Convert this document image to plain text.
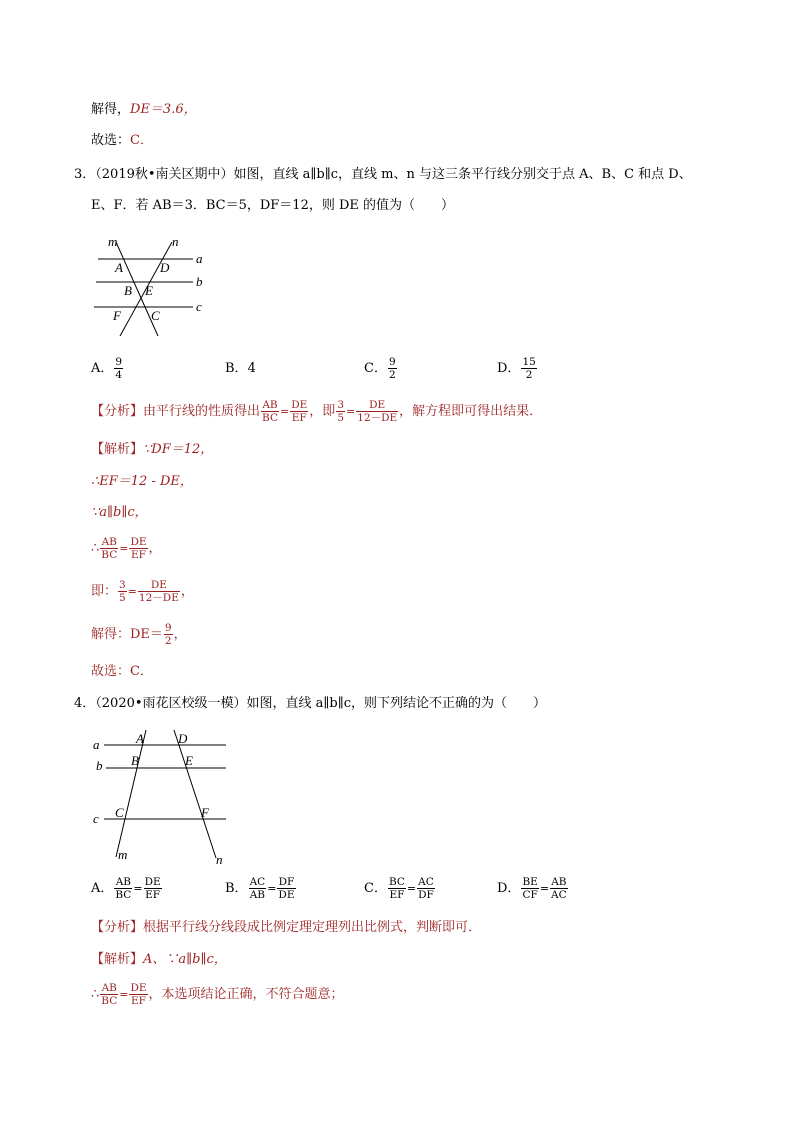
解得，DE＝3.6，
故选：C．
3．（2019秋•南关区期中）如图，直线 a∥b∥c，直线 m、n 与这三条平行线分别交于点 A、B、C 和点 D、
E、F．若 AB＝3．BC＝5，DF＝12，则 DE 的值为（　　）
m	n
a
A	D
b
B E
c
F C
A． $\frac{9}{4}$	B．4	C． $\frac{9}{2}$	D． $\frac{15}{2}$
【分析】由平行线的性质得出 $\frac{AB}{BC} = \frac{DE}{EF}$ ，即 $\frac{3}{5} = \frac{DE}{12-DE}$ ，解方程即可得出结果．
【解析】∵DF＝12，
∴EF＝12 - DE，
∵a∥b∥c，
∴ $\frac{AB}{BC} = \frac{DE}{EF}$ ，
即： $\frac{3}{5} = \frac{DE}{12-DE}$ ，
解得：$DE= \frac{9}{2}$ ，
故选：C．
4．（2020•雨花区校级一模）如图，直线 a∥b∥c，则下列结论不正确的为（　　）
a	A	D
b B	E
c C	F
m	n
A． $\frac{AB}{BC} = \frac{DE}{EF}$	B． $\frac{AC}{AB} = \frac{DF}{DE}$	C． $\frac{BC}{EF} = \frac{AC}{DF}$	D． $\frac{BE}{CF} = \frac{AB}{AC}$
【分析】根据平行线分线段成比例定理定理列出比例式，判断即可．
【解析】A、∵a∥b∥c，
∴ $\frac{AB}{BC} = \frac{DE}{EF}$ ，本选项结论正确，不符合题意；
